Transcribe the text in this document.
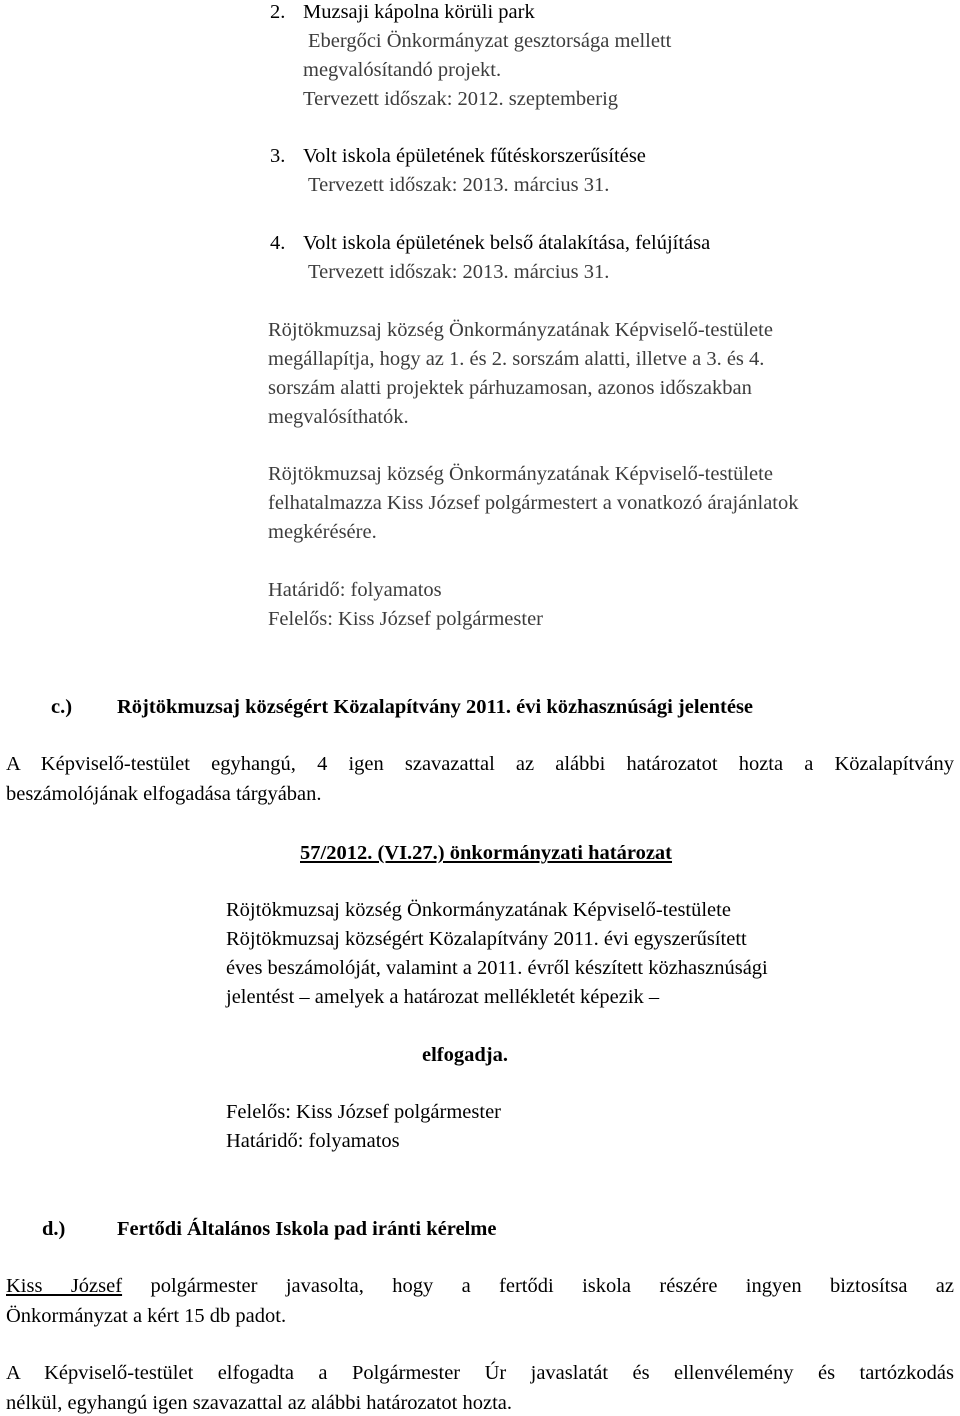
2. Muzsaji kápolna körüli park
Ebergőci Önkormányzat gesztorsága mellett
megvalósítandó projekt.
Tervezett időszak: 2012. szeptemberig
3. Volt iskola épületének fűtéskorszerűsítése
Tervezett időszak: 2013. március 31.
4. Volt iskola épületének belső átalakítása, felújítása
Tervezett időszak: 2013. március 31.
Röjtökmuzsaj község Önkormányzatának Képviselő-testülete
megállapítja, hogy az 1. és 2. sorszám alatti, illetve a 3. és 4.
sorszám alatti projektek párhuzamosan, azonos időszakban
megvalósíthatók.
Röjtökmuzsaj község Önkormányzatának Képviselő-testülete
felhatalmazza Kiss József polgármestert a vonatkozó árajánlatok
megkérésére.
Határidő: folyamatos
Felelős: Kiss József polgármester
c.) Röjtökmuzsaj községért Közalapítvány 2011. évi közhasznúsági jelentése
A Képviselő-testület egyhangú, 4 igen szavazattal az alábbi határozatot hozta a Közalapítvány
beszámolójának elfogadása tárgyában.
57/2012. (VI.27.) önkormányzati határozat
Röjtökmuzsaj község Önkormányzatának Képviselő-testülete
Röjtökmuzsaj községért Közalapítvány 2011. évi egyszerűsített
éves beszámolóját, valamint a 2011. évről készített közhasznúsági
jelentést – amelyek a határozat mellékletét képezik –
elfogadja.
Felelős: Kiss József polgármester
Határidő: folyamatos
d.)	Fertődi Általános Iskola pad iránti kérelme
Kiss József polgármester javasolta, hogy a fertődi iskola részére ingyen biztosítsa az
Önkormányzat a kért 15 db padot.
A Képviselő-testület elfogadta a Polgármester Úr javaslatát és ellenvélemény és tartózkodás
nélkül, egyhangú igen szavazattal az alábbi határozatot hozta.
